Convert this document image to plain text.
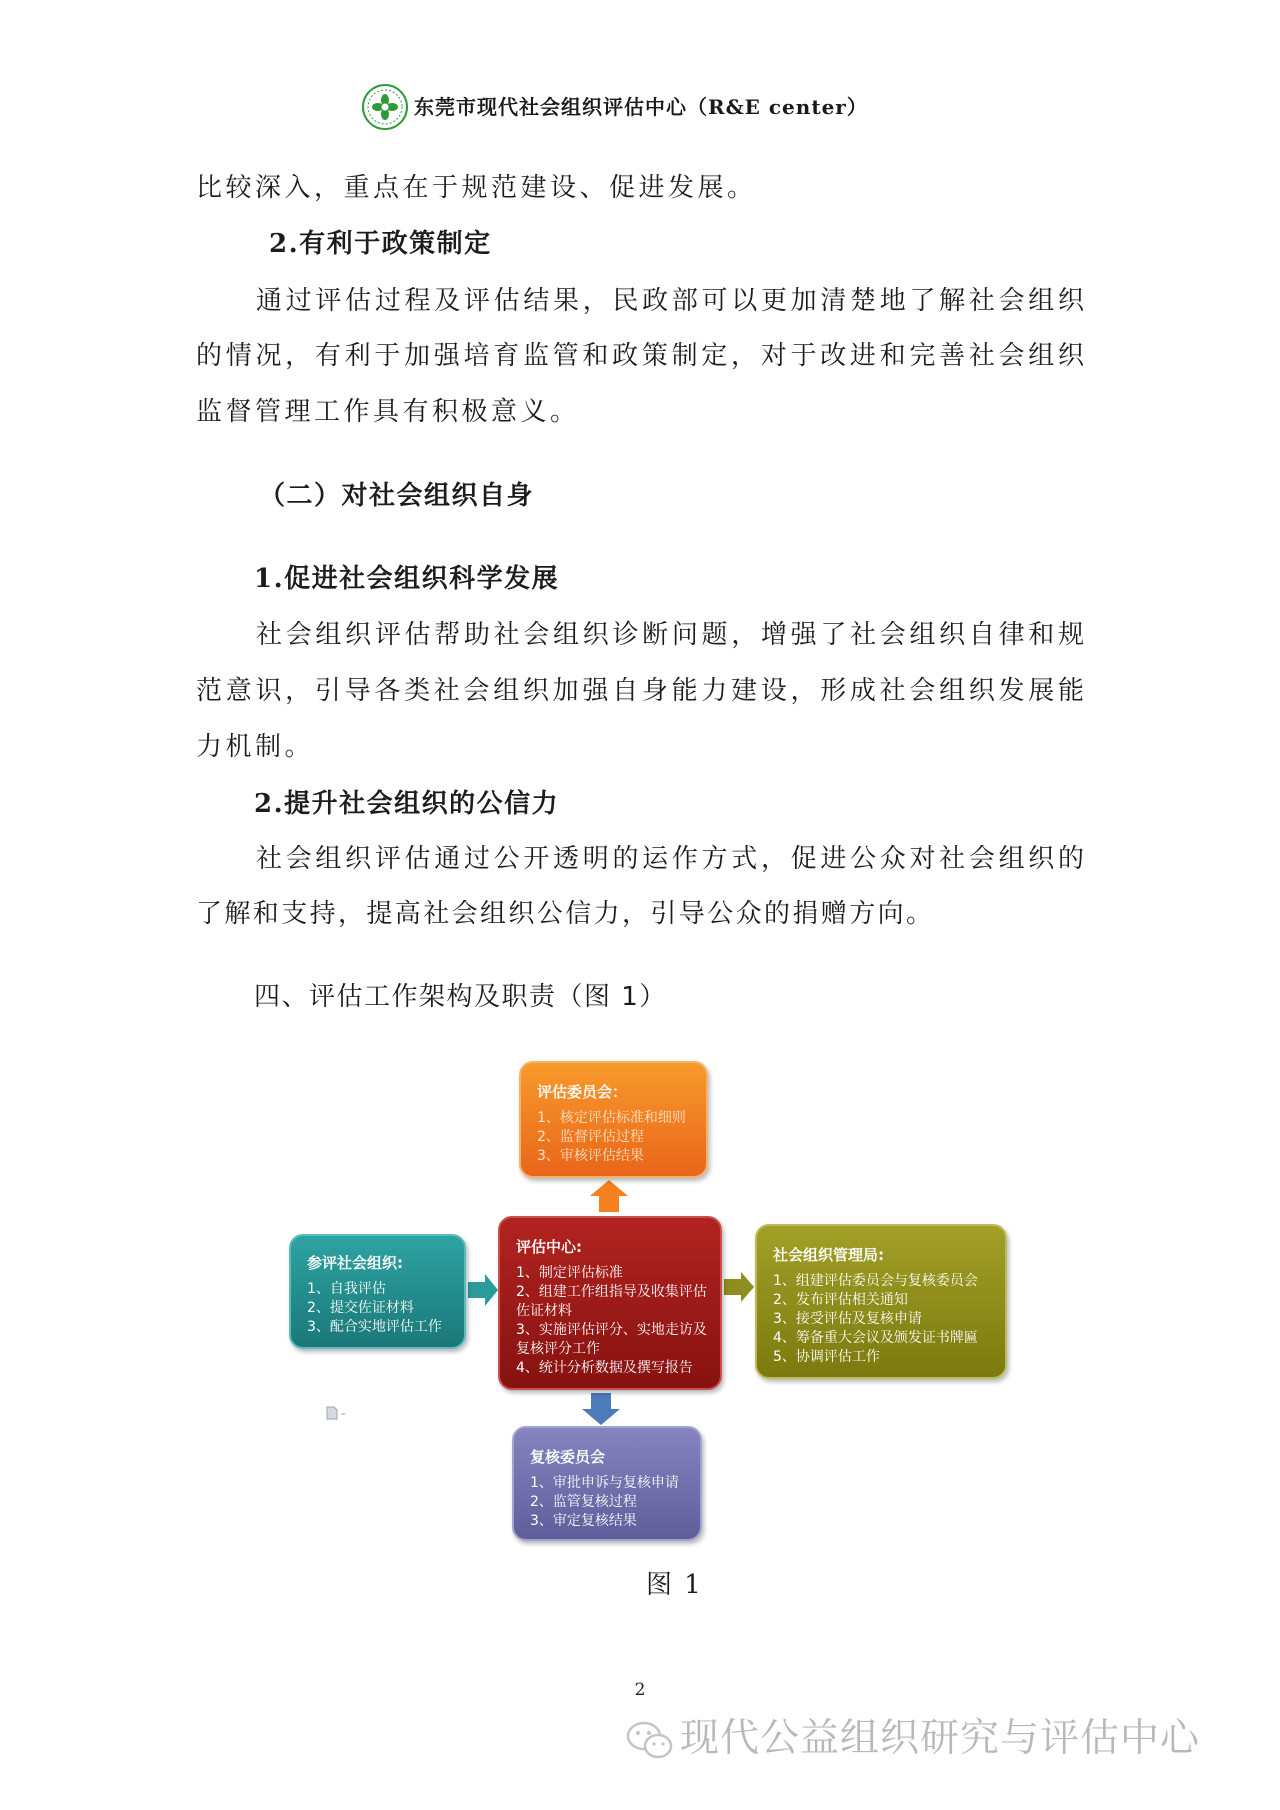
东莞市现代社会组织评估中心（R&E center）
比较深入，重点在于规范建设、促进发展。
2.有利于政策制定
通过评估过程及评估结果，民政部可以更加清楚地了解社会组织
的情况，有利于加强培育监管和政策制定，对于改进和完善社会组织
监督管理工作具有积极意义。
（二）对社会组织自身
1.促进社会组织科学发展
社会组织评估帮助社会组织诊断问题，增强了社会组织自律和规
范意识，引导各类社会组织加强自身能力建设，形成社会组织发展能
力机制。
2.提升社会组织的公信力
社会组织评估通过公开透明的运作方式，促进公众对社会组织的
了解和支持，提高社会组织公信力，引导公众的捐赠方向。
四、评估工作架构及职责（图 1）
评估委员会：
1、核定评估标准和细则
2、监督评估过程
3、审核评估结果
参评社会组织:
1、自我评估
2、提交佐证材料
3、配合实地评估工作
评估中心:
1、制定评估标准
2、组建工作组指导及收集评估佐证材料
3、实施评估评分、实地走访及复核评分工作
4、统计分析数据及撰写报告
社会组织管理局:
1、组建评估委员会与复核委员会
2、发布评估相关通知
3、接受评估及复核申请
4、筹备重大会议及颁发证书牌匾
5、协调评估工作
复核委员会
1、审批申诉与复核申请
2、监管复核过程
3、审定复核结果
图 1
2
现代公益组织研究与评估中心
